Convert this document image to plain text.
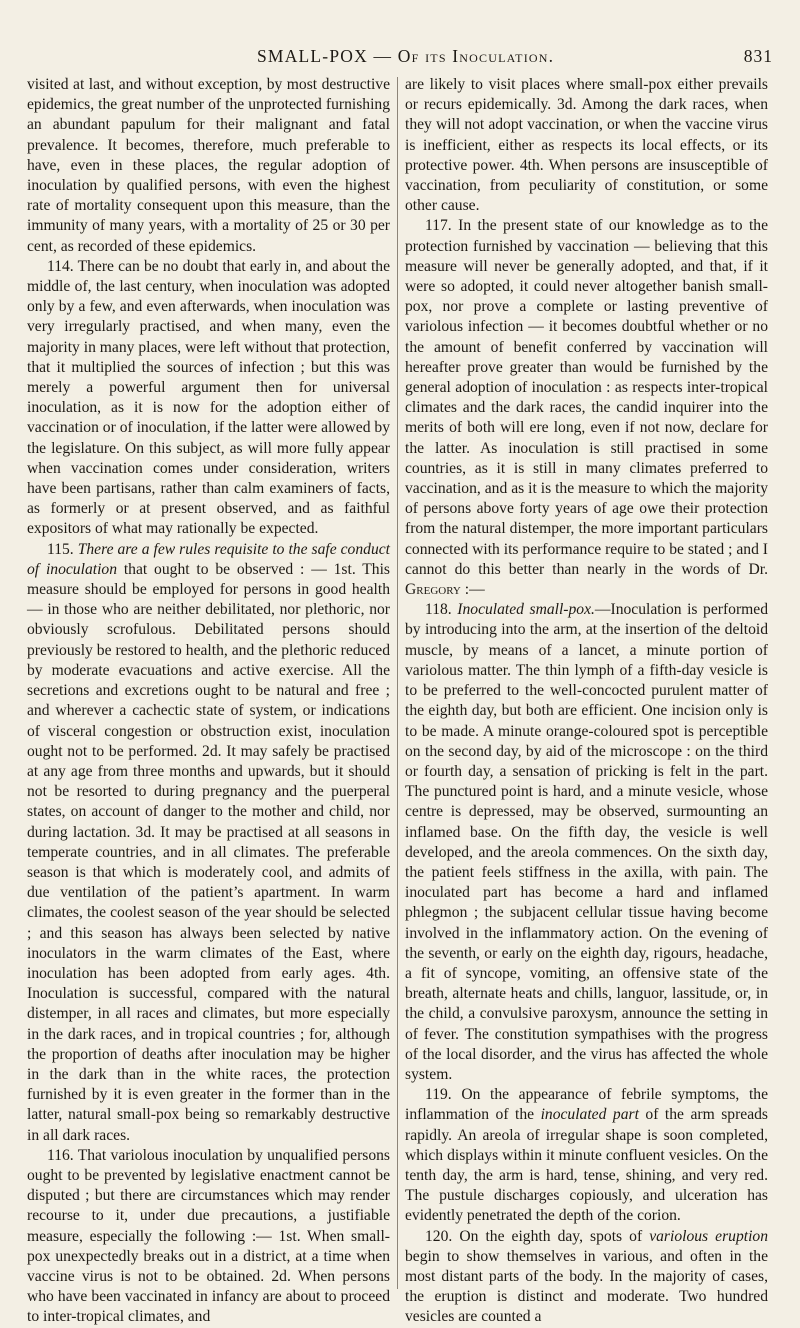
SMALL-POX — Of its Inoculation.	831

visited at last, and without exception, by most destructive epidemics, the great number of the unprotected furnishing an abundant papulum for their malignant and fatal prevalence. It becomes, therefore, much preferable to have, even in these places, the regular adoption of inoculation by qualified persons, with even the highest rate of mortality consequent upon this measure, than the immunity of many years, with a mortality of 25 or 30 per cent, as recorded of these epidemics.

114. There can be no doubt that early in, and about the middle of, the last century, when inoculation was adopted only by a few, and even afterwards, when inoculation was very irregularly practised, and when many, even the majority in many places, were left without that protection, that it multiplied the sources of infection ; but this was merely a powerful argument then for universal inoculation, as it is now for the adoption either of vaccination or of inoculation, if the latter were allowed by the legislature. On this subject, as will more fully appear when vaccination comes under consideration, writers have been partisans, rather than calm examiners of facts, as formerly or at present observed, and as faithful expositors of what may rationally be expected.

115. There are a few rules requisite to the safe conduct of inoculation that ought to be observed : — 1st. This measure should be employed for persons in good health — in those who are neither debilitated, nor plethoric, nor obviously scrofulous. Debilitated persons should previously be restored to health, and the plethoric reduced by moderate evacuations and active exercise. All the secretions and excretions ought to be natural and free ; and wherever a cachectic state of system, or indications of visceral congestion or obstruction exist, inoculation ought not to be performed. 2d. It may safely be practised at any age from three months and upwards, but it should not be resorted to during pregnancy and the puerperal states, on account of danger to the mother and child, nor during lactation. 3d. It may be practised at all seasons in temperate countries, and in all climates. The preferable season is that which is moderately cool, and admits of due ventilation of the patient’s apartment. In warm climates, the coolest season of the year should be selected ; and this season has always been selected by native inoculators in the warm climates of the East, where inoculation has been adopted from early ages. 4th. Inoculation is successful, compared with the natural distemper, in all races and climates, but more especially in the dark races, and in tropical countries ; for, although the proportion of deaths after inoculation may be higher in the dark than in the white races, the protection furnished by it is even greater in the former than in the latter, natural small-pox being so remarkably destructive in all dark races.

116. That variolous inoculation by unqualified persons ought to be prevented by legislative enactment cannot be disputed ; but there are circumstances which may render recourse to it, under due precautions, a justifiable measure, especially the following :— 1st. When small-pox unexpectedly breaks out in a district, at a time when vaccine virus is not to be obtained. 2d. When persons who have been vaccinated in infancy are about to proceed to inter-tropical climates, and

are likely to visit places where small-pox either prevails or recurs epidemically. 3d. Among the dark races, when they will not adopt vaccination, or when the vaccine virus is inefficient, either as respects its local effects, or its protective power. 4th. When persons are insusceptible of vaccination, from peculiarity of constitution, or some other cause.

117. In the present state of our knowledge as to the protection furnished by vaccination — believing that this measure will never be generally adopted, and that, if it were so adopted, it could never altogether banish small-pox, nor prove a complete or lasting preventive of variolous infection — it becomes doubtful whether or no the amount of benefit conferred by vaccination will hereafter prove greater than would be furnished by the general adoption of inoculation : as respects inter-tropical climates and the dark races, the candid inquirer into the merits of both will ere long, even if not now, declare for the latter. As inoculation is still practised in some countries, as it is still in many climates preferred to vaccination, and as it is the measure to which the majority of persons above forty years of age owe their protection from the natural distemper, the more important particulars connected with its performance require to be stated ; and I cannot do this better than nearly in the words of Dr. Gregory :—

118. Inoculated small-pox.—Inoculation is performed by introducing into the arm, at the insertion of the deltoid muscle, by means of a lancet, a minute portion of variolous matter. The thin lymph of a fifth-day vesicle is to be preferred to the well-concocted purulent matter of the eighth day, but both are efficient. One incision only is to be made. A minute orange-coloured spot is perceptible on the second day, by aid of the microscope : on the third or fourth day, a sensation of pricking is felt in the part. The punctured point is hard, and a minute vesicle, whose centre is depressed, may be observed, surmounting an inflamed base. On the fifth day, the vesicle is well developed, and the areola commences. On the sixth day, the patient feels stiffness in the axilla, with pain. The inoculated part has become a hard and inflamed phlegmon ; the subjacent cellular tissue having become involved in the inflammatory action. On the evening of the seventh, or early on the eighth day, rigours, headache, a fit of syncope, vomiting, an offensive state of the breath, alternate heats and chills, languor, lassitude, or, in the child, a convulsive paroxysm, announce the setting in of fever. The constitution sympathises with the progress of the local disorder, and the virus has affected the whole system.

119. On the appearance of febrile symptoms, the inflammation of the inoculated part of the arm spreads rapidly. An areola of irregular shape is soon completed, which displays within it minute confluent vesicles. On the tenth day, the arm is hard, tense, shining, and very red. The pustule discharges copiously, and ulceration has evidently penetrated the depth of the corion.

120. On the eighth day, spots of variolous eruption begin to show themselves in various, and often in the most distant parts of the body. In the majority of cases, the eruption is distinct and moderate. Two hundred vesicles are counted a
